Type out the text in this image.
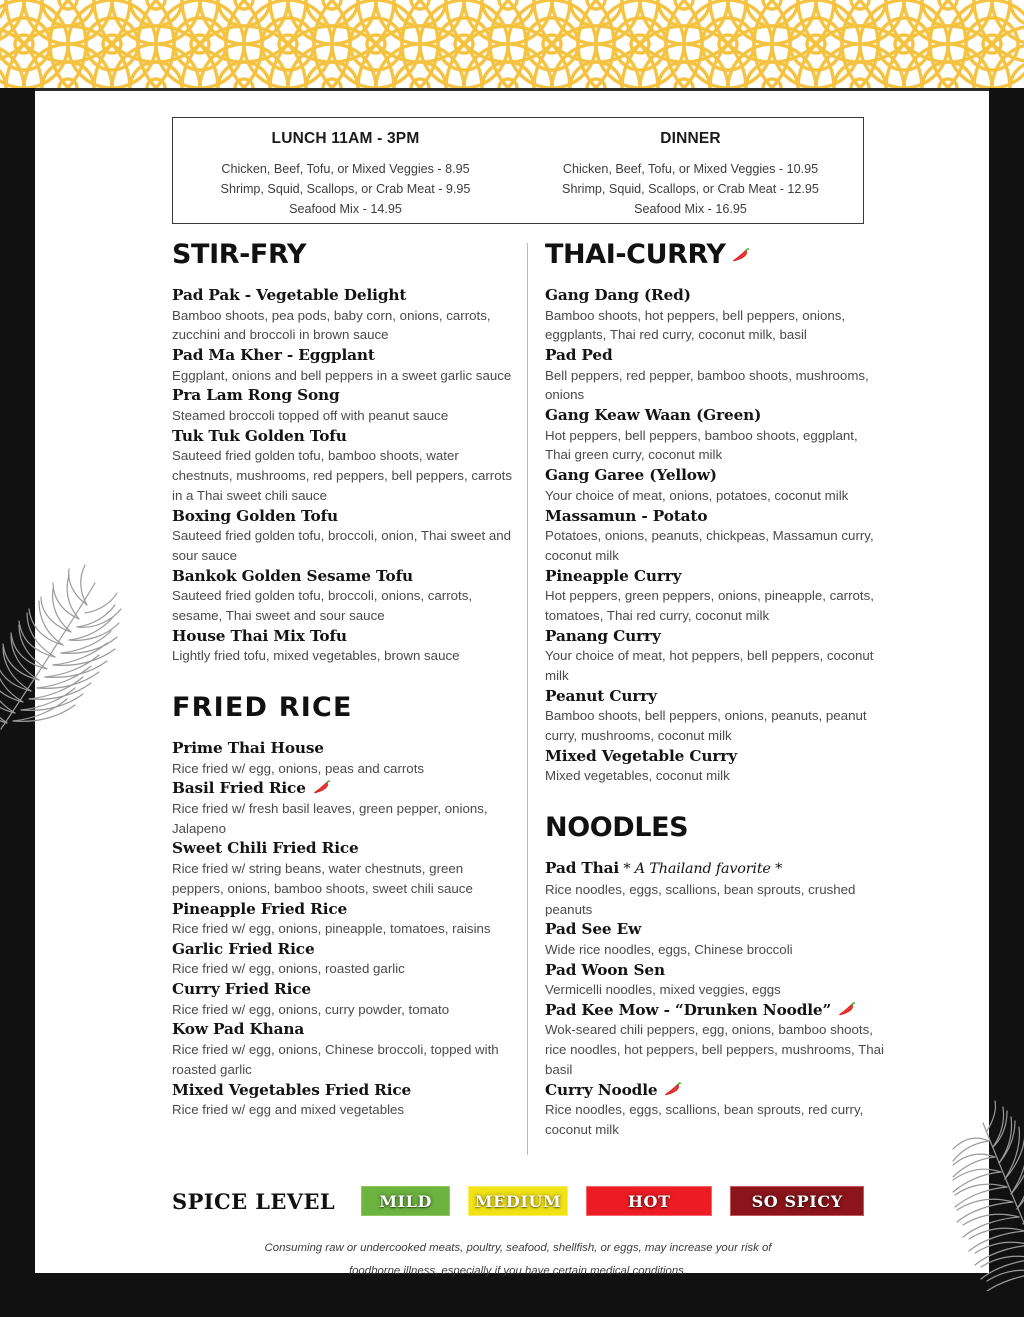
LUNCH 11AM - 3PM
Chicken, Beef, Tofu, or Mixed Veggies - 8.95
Shrimp, Squid, Scallops, or Crab Meat - 9.95
Seafood Mix - 14.95
DINNER
Chicken, Beef, Tofu, or Mixed Veggies - 10.95
Shrimp, Squid, Scallops, or Crab Meat - 12.95
Seafood Mix - 16.95
STIR-FRY
Pad Pak - Vegetable Delight
Bamboo shoots, pea pods, baby corn, onions, carrots, zucchini and broccoli in brown sauce
Pad Ma Kher - Eggplant
Eggplant, onions and bell peppers in a sweet garlic sauce
Pra Lam Rong Song
Steamed broccoli topped off with peanut sauce
Tuk Tuk Golden Tofu
Sauteed fried golden tofu, bamboo shoots, water chestnuts, mushrooms, red peppers, bell peppers, carrots in a Thai sweet chili sauce
Boxing Golden Tofu
Sauteed fried golden tofu, broccoli, onion, Thai sweet and sour sauce
Bankok Golden Sesame Tofu
Sauteed fried golden tofu, broccoli, onions, carrots, sesame, Thai sweet and sour sauce
House Thai Mix Tofu
Lightly fried tofu, mixed vegetables, brown sauce
FRIED RICE
Prime Thai House
Rice fried w/ egg, onions, peas and carrots
Basil Fried Rice
Rice fried w/ fresh basil leaves, green pepper, onions, Jalapeno
Sweet Chili Fried Rice
Rice fried w/ string beans, water chestnuts, green peppers, onions, bamboo shoots, sweet chili sauce
Pineapple Fried Rice
Rice fried w/ egg, onions, pineapple, tomatoes, raisins
Garlic Fried Rice
Rice fried w/ egg, onions, roasted garlic
Curry Fried Rice
Rice fried w/ egg, onions, curry powder, tomato
Kow Pad Khana
Rice fried w/ egg, onions, Chinese broccoli, topped with roasted garlic
Mixed Vegetables Fried Rice
Rice fried w/ egg and mixed vegetables
THAI-CURRY
Gang Dang (Red)
Bamboo shoots, hot peppers, bell peppers, onions, eggplants, Thai red curry, coconut milk, basil
Pad Ped
Bell peppers, red pepper, bamboo shoots, mushrooms, onions
Gang Keaw Waan (Green)
Hot peppers, bell peppers, bamboo shoots, eggplant, Thai green curry, coconut milk
Gang Garee (Yellow)
Your choice of meat, onions, potatoes, coconut milk
Massamun - Potato
Potatoes, onions, peanuts, chickpeas, Massamun curry, coconut milk
Pineapple Curry
Hot peppers, green peppers, onions, pineapple, carrots, tomatoes, Thai red curry, coconut milk
Panang Curry
Your choice of meat, hot peppers, bell peppers, coconut milk
Peanut Curry
Bamboo shoots, bell peppers, onions, peanuts, peanut curry, mushrooms, coconut milk
Mixed Vegetable Curry
Mixed vegetables, coconut milk
NOODLES
Pad Thai * A Thailand favorite *
Rice noodles, eggs, scallions, bean sprouts, crushed peanuts
Pad See Ew
Wide rice noodles, eggs, Chinese broccoli
Pad Woon Sen
Vermicelli noodles, mixed veggies, eggs
Pad Kee Mow - “Drunken Noodle”
Wok-seared chili peppers, egg, onions, bamboo shoots, rice noodles, hot peppers, bell peppers, mushrooms, Thai basil
Curry Noodle
Rice noodles, eggs, scallions, bean sprouts, red curry, coconut milk
SPICE LEVEL	MILD	MEDIUM	HOT	SO SPICY
Consuming raw or undercooked meats, poultry, seafood, shellfish, or eggs, may increase your risk of
foodborne illness, especially if you have certain medical conditions.
